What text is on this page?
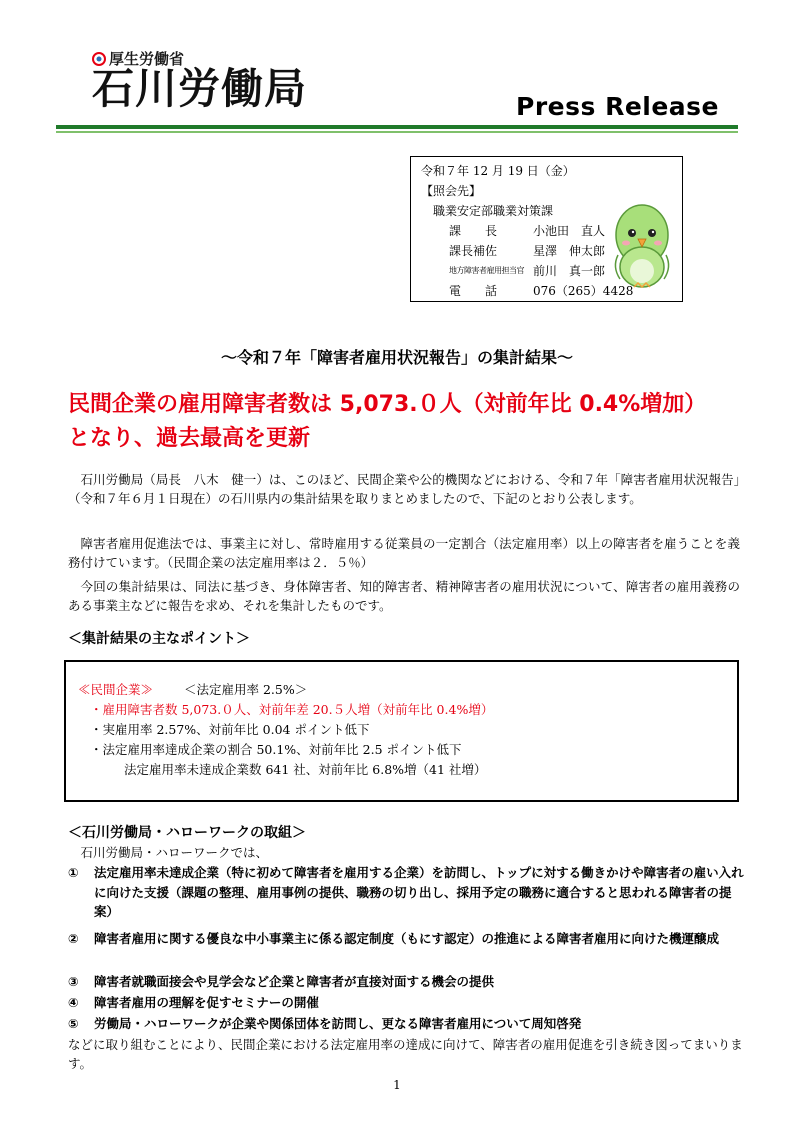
厚生労働省
石川労働局	Press Release
令和７年 12 月 19 日（金）
【照会先】
職業安定部職業対策課
課　　長	小池田　直人
課長補佐	星澤　伸太郎
地方障害者雇用担当官 前川　真一郎
電　　話	076（265）4428
～令和７年「障害者雇用状況報告」の集計結果～
民間企業の雇用障害者数は 5,073.０人（対前年比 0.4%増加）
となり、過去最高を更新
石川労働局（局長　八木　健一）は、このほど、民間企業や公的機関などにおける、令和７年「障害者雇用状況報告」（令和７年６月１日現在）の石川県内の集計結果を取りまとめましたので、下記のとおり公表します。
障害者雇用促進法では、事業主に対し、常時雇用する従業員の一定割合（法定雇用率）以上の障害者を雇うことを義務付けています。（民間企業の法定雇用率は２．５％）
今回の集計結果は、同法に基づき、身体障害者、知的障害者、精神障害者の雇用状況について、障害者の雇用義務のある事業主などに報告を求め、それを集計したものです。
＜集計結果の主なポイント＞
≪民間企業≫ ＜法定雇用率 2.5%＞
・雇用障害者数 5,073.０人、対前年差 20.５人増（対前年比 0.4%増）
・実雇用率 2.57%、対前年比 0.04 ポイント低下
・法定雇用率達成企業の割合 50.1%、対前年比 2.5 ポイント低下
法定雇用率未達成企業数 641 社、対前年比 6.8%増（41 社増）
＜石川労働局・ハローワークの取組＞
石川労働局・ハローワークでは、
① 法定雇用率未達成企業（特に初めて障害者を雇用する企業）を訪問し、トップに対する働きかけや障害者の雇い入れに向けた支援（課題の整理、雇用事例の提供、職務の切り出し、採用予定の職務に適合すると思われる障害者の提案）
② 障害者雇用に関する優良な中小事業主に係る認定制度（もにす認定）の推進による障害者雇用に向けた機運醸成
③ 障害者就職面接会や見学会など企業と障害者が直接対面する機会の提供
④ 障害者雇用の理解を促すセミナーの開催
⑤ 労働局・ハローワークが企業や関係団体を訪問し、更なる障害者雇用について周知啓発
などに取り組むことにより、民間企業における法定雇用率の達成に向けて、障害者の雇用促進を引き続き図ってまいります。
1
